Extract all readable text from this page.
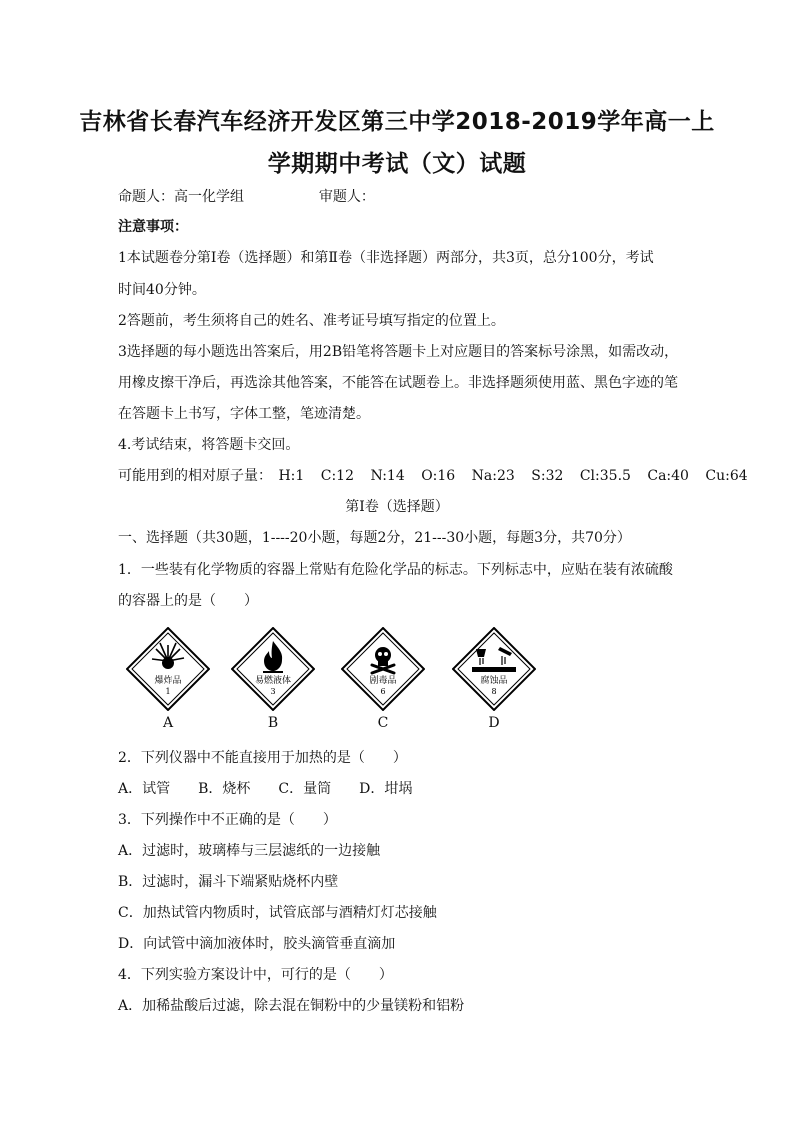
吉林省长春汽车经济开发区第三中学2018-2019学年高一上
学期期中考试（文）试题
命题人：高一化学组	审题人：
注意事项：
1本试题卷分第Ⅰ卷（选择题）和第Ⅱ卷（非选择题）两部分，共3页，总分100分，考试
时间40分钟。
2答题前，考生须将自己的姓名、准考证号填写指定的位置上。
3选择题的每小题选出答案后，用2B铅笔将答题卡上对应题目的答案标号涂黑，如需改动，
用橡皮擦干净后，再选涂其他答案，不能答在试题卷上。非选择题须使用蓝、黑色字迹的笔
在答题卡上书写，字体工整，笔迹清楚。
4.考试结束，将答题卡交回。
可能用到的相对原子量： H:1 C:12 N:14 O:16 Na:23 S:32 Cl:35.5 Ca:40 Cu:64
第Ⅰ卷（选择题）
一、选择题（共30题，1----20小题，每题2分，21---30小题，每题3分，共70分）
1．一些装有化学物质的容器上常贴有危险化学品的标志。下列标志中，应贴在装有浓硫酸
的容器上的是（　　）
爆炸品
1
易燃液体
3
剧毒品
6
腐蚀品
8
A	B	C	D
2．下列仪器中不能直接用于加热的是（　　）
A．试管　　B．烧杯　　C．量筒　　D．坩埚
3．下列操作中不正确的是（　　）
A．过滤时，玻璃棒与三层滤纸的一边接触
B．过滤时，漏斗下端紧贴烧杯内壁
C．加热试管内物质时，试管底部与酒精灯灯芯接触
D．向试管中滴加液体时，胶头滴管垂直滴加
4．下列实验方案设计中，可行的是（　　）
A．加稀盐酸后过滤，除去混在铜粉中的少量镁粉和铝粉
